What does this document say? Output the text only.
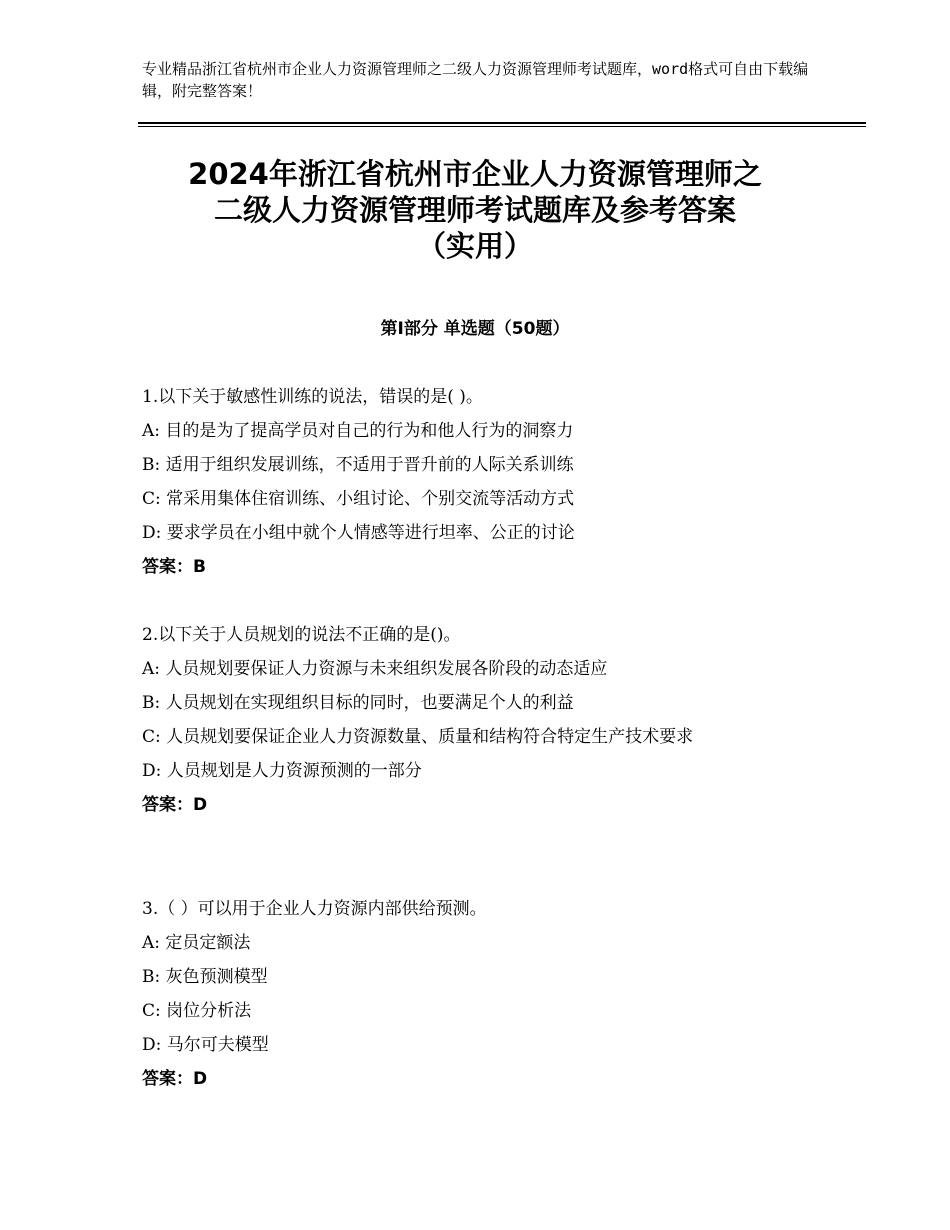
专业精品浙江省杭州市企业人力资源管理师之二级人力资源管理师考试题库，word格式可自由下载编辑，附完整答案！
2024年浙江省杭州市企业人力资源管理师之
二级人力资源管理师考试题库及参考答案
（实用）
第Ⅰ部分 单选题（50题）
1.以下关于敏感性训练的说法，错误的是( )。
A: 目的是为了提高学员对自己的行为和他人行为的洞察力
B: 适用于组织发展训练，不适用于晋升前的人际关系训练
C: 常采用集体住宿训练、小组讨论、个别交流等活动方式
D: 要求学员在小组中就个人情感等进行坦率、公正的讨论
答案：B
2.以下关于人员规划的说法不正确的是()。
A: 人员规划要保证人力资源与未来组织发展各阶段的动态适应
B: 人员规划在实现组织目标的同时，也要满足个人的利益
C: 人员规划要保证企业人力资源数量、质量和结构符合特定生产技术要求
D: 人员规划是人力资源预测的一部分
答案：D
3.（ ）可以用于企业人力资源内部供给预测。
A: 定员定额法
B: 灰色预测模型
C: 岗位分析法
D: 马尔可夫模型
答案：D
